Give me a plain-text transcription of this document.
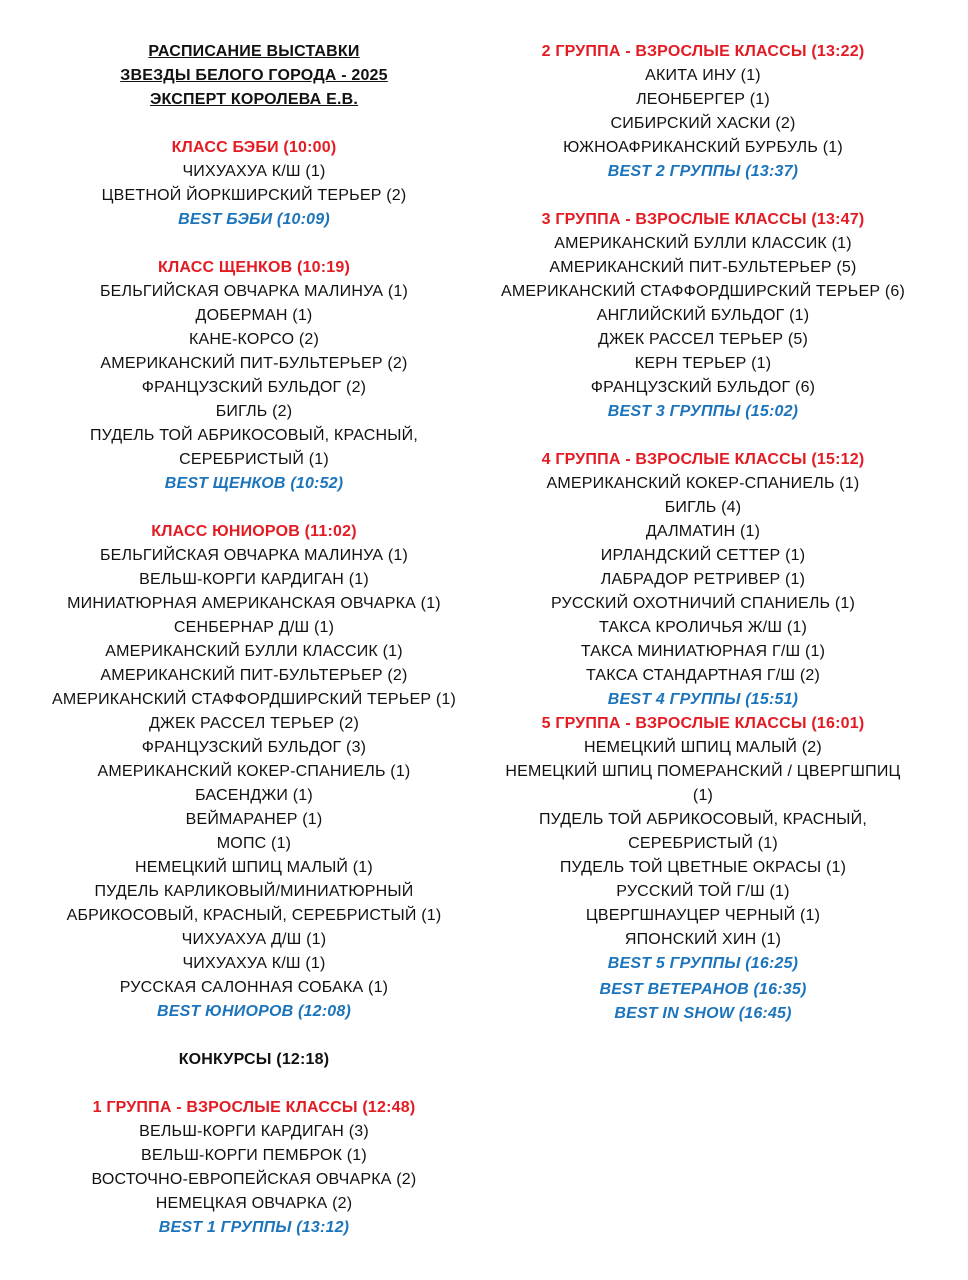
РАСПИСАНИЕ ВЫСТАВКИ
ЗВЕЗДЫ БЕЛОГО ГОРОДА - 2025
ЭКСПЕРТ КОРОЛЕВА Е.В.
КЛАСС БЭБИ (10:00)
ЧИХУАХУА К/Ш (1)
ЦВЕТНОЙ ЙОРКШИРСКИЙ ТЕРЬЕР (2)
BEST БЭБИ (10:09)
КЛАСС ЩЕНКОВ (10:19)
БЕЛЬГИЙСКАЯ ОВЧАРКА МАЛИНУА (1)
ДОБЕРМАН (1)
КАНЕ-КОРСО (2)
АМЕРИКАНСКИЙ ПИТ-БУЛЬТЕРЬЕР (2)
ФРАНЦУЗСКИЙ БУЛЬДОГ (2)
БИГЛЬ (2)
ПУДЕЛЬ ТОЙ АБРИКОСОВЫЙ, КРАСНЫЙ,
СЕРЕБРИСТЫЙ (1)
BEST ЩЕНКОВ (10:52)
КЛАСС ЮНИОРОВ (11:02)
БЕЛЬГИЙСКАЯ ОВЧАРКА МАЛИНУА (1)
ВЕЛЬШ-КОРГИ КАРДИГАН (1)
МИНИАТЮРНАЯ АМЕРИКАНСКАЯ ОВЧАРКА (1)
СЕНБЕРНАР Д/Ш (1)
АМЕРИКАНСКИЙ БУЛЛИ КЛАССИК (1)
АМЕРИКАНСКИЙ ПИТ-БУЛЬТЕРЬЕР (2)
АМЕРИКАНСКИЙ СТАФФОРДШИРСКИЙ ТЕРЬЕР (1)
ДЖЕК РАССЕЛ ТЕРЬЕР (2)
ФРАНЦУЗСКИЙ БУЛЬДОГ (3)
АМЕРИКАНСКИЙ КОКЕР-СПАНИЕЛЬ (1)
БАСЕНДЖИ (1)
ВЕЙМАРАНЕР (1)
МОПС (1)
НЕМЕЦКИЙ ШПИЦ МАЛЫЙ (1)
ПУДЕЛЬ КАРЛИКОВЫЙ/МИНИАТЮРНЫЙ
АБРИКОСОВЫЙ, КРАСНЫЙ, СЕРЕБРИСТЫЙ (1)
ЧИХУАХУА Д/Ш (1)
ЧИХУАХУА К/Ш (1)
РУССКАЯ САЛОННАЯ СОБАКА (1)
BEST ЮНИОРОВ (12:08)
КОНКУРСЫ (12:18)
1 ГРУППА - ВЗРОСЛЫЕ КЛАССЫ (12:48)
ВЕЛЬШ-КОРГИ КАРДИГАН (3)
ВЕЛЬШ-КОРГИ ПЕМБРОК (1)
ВОСТОЧНО-ЕВРОПЕЙСКАЯ ОВЧАРКА (2)
НЕМЕЦКАЯ ОВЧАРКА (2)
BEST 1 ГРУППЫ (13:12)
2 ГРУППА - ВЗРОСЛЫЕ КЛАССЫ (13:22)
АКИТА ИНУ (1)
ЛЕОНБЕРГЕР (1)
СИБИРСКИЙ ХАСКИ (2)
ЮЖНОАФРИКАНСКИЙ БУРБУЛЬ (1)
BEST 2 ГРУППЫ (13:37)
3 ГРУППА - ВЗРОСЛЫЕ КЛАССЫ (13:47)
АМЕРИКАНСКИЙ БУЛЛИ КЛАССИК (1)
АМЕРИКАНСКИЙ ПИТ-БУЛЬТЕРЬЕР (5)
АМЕРИКАНСКИЙ СТАФФОРДШИРСКИЙ ТЕРЬЕР (6)
АНГЛИЙСКИЙ БУЛЬДОГ (1)
ДЖЕК РАССЕЛ ТЕРЬЕР (5)
КЕРН ТЕРЬЕР (1)
ФРАНЦУЗСКИЙ БУЛЬДОГ (6)
BEST 3 ГРУППЫ (15:02)
4 ГРУППА - ВЗРОСЛЫЕ КЛАССЫ (15:12)
АМЕРИКАНСКИЙ КОКЕР-СПАНИЕЛЬ (1)
БИГЛЬ (4)
ДАЛМАТИН (1)
ИРЛАНДСКИЙ СЕТТЕР (1)
ЛАБРАДОР РЕТРИВЕР (1)
РУССКИЙ ОХОТНИЧИЙ СПАНИЕЛЬ (1)
ТАКСА КРОЛИЧЬЯ Ж/Ш (1)
ТАКСА МИНИАТЮРНАЯ Г/Ш (1)
ТАКСА СТАНДАРТНАЯ Г/Ш (2)
BEST 4 ГРУППЫ (15:51)
5 ГРУППА - ВЗРОСЛЫЕ КЛАССЫ (16:01)
НЕМЕЦКИЙ ШПИЦ МАЛЫЙ (2)
НЕМЕЦКИЙ ШПИЦ ПОМЕРАНСКИЙ / ЦВЕРГШПИЦ
(1)
ПУДЕЛЬ ТОЙ АБРИКОСОВЫЙ, КРАСНЫЙ,
СЕРЕБРИСТЫЙ (1)
ПУДЕЛЬ ТОЙ ЦВЕТНЫЕ ОКРАСЫ (1)
РУССКИЙ ТОЙ Г/Ш (1)
ЦВЕРГШНАУЦЕР ЧЕРНЫЙ (1)
ЯПОНСКИЙ ХИН (1)
BEST 5 ГРУППЫ (16:25)
BEST ВЕТЕРАНОВ (16:35)
BEST IN SHOW (16:45)
